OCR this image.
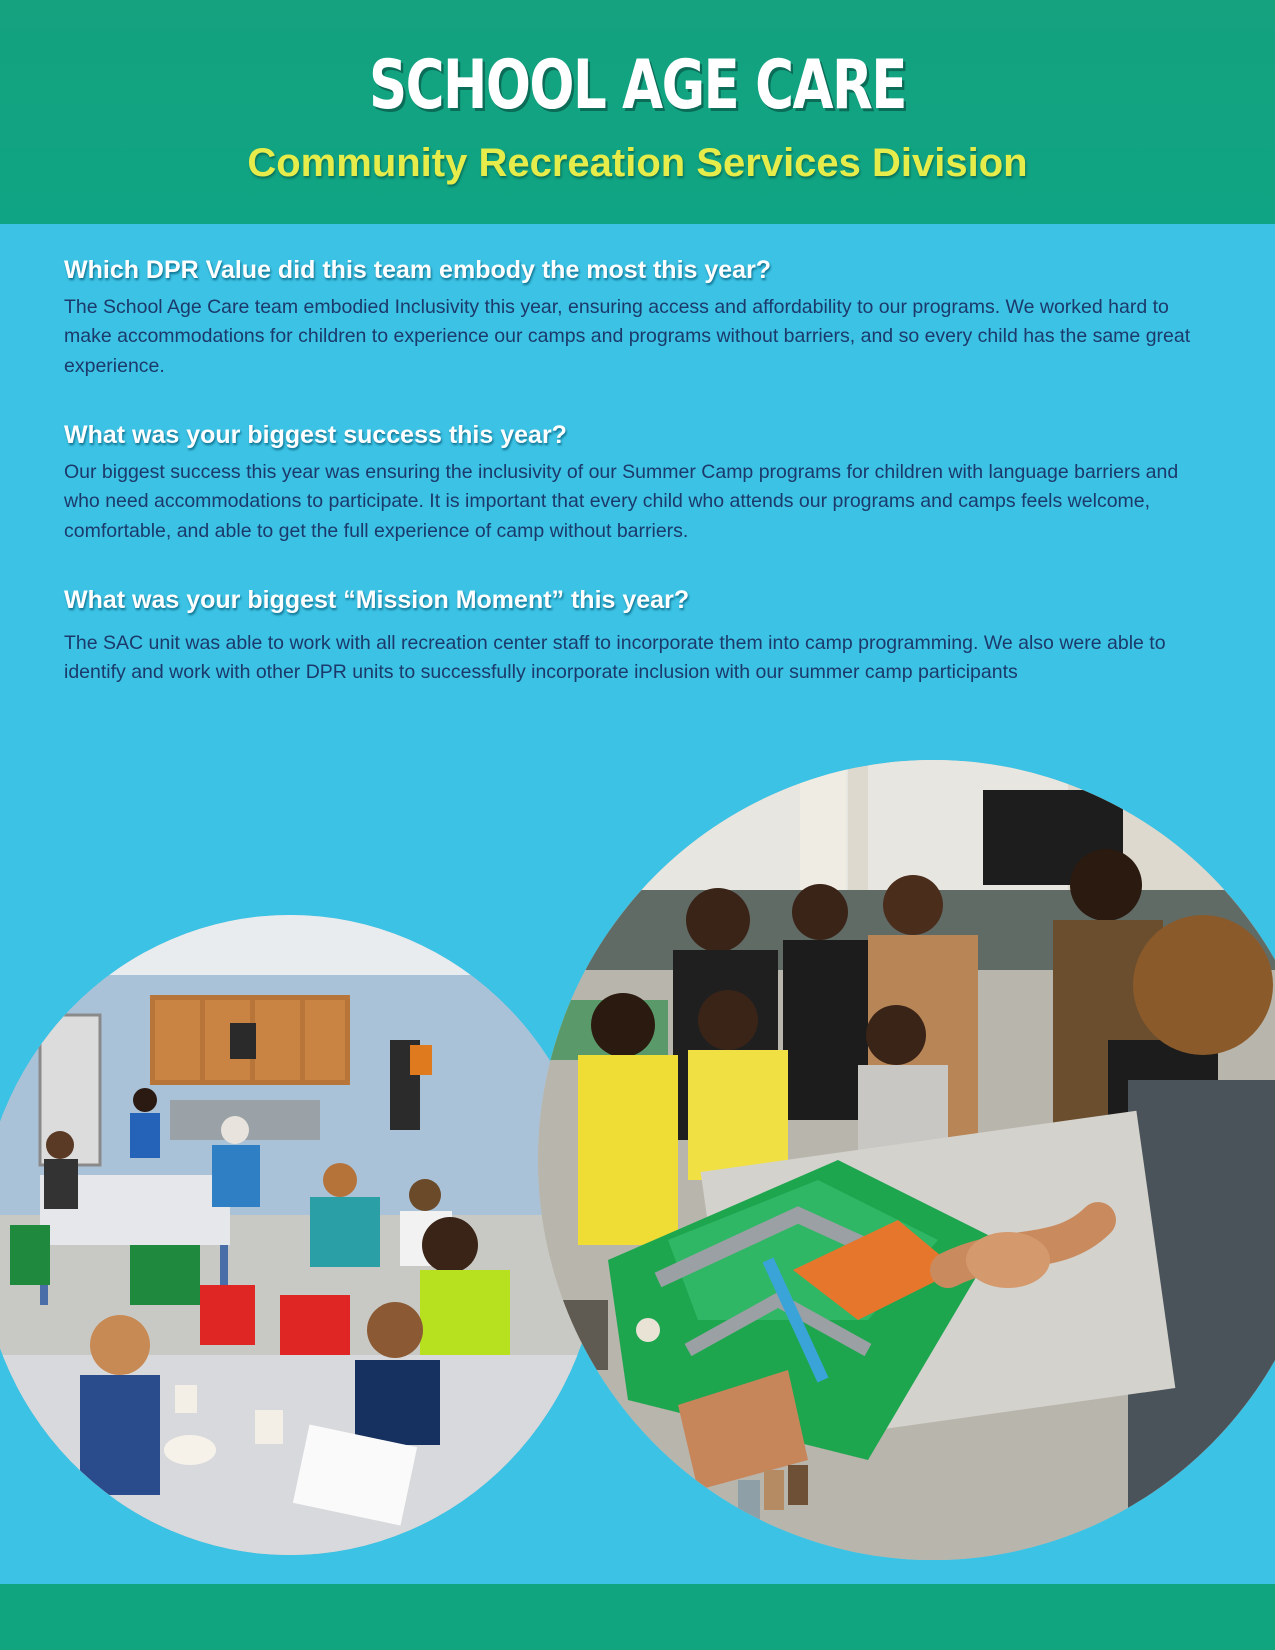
SCHOOL AGE CARE
Community Recreation Services Division
Which DPR Value did this team embody the most this year?

The School Age Care team embodied Inclusivity this year, ensuring access and affordability to our programs. We worked hard to make accommodations for children to experience our camps and programs without barriers, and so every child has the same great experience.

What was your biggest success this year?

Our biggest success this year was ensuring the inclusivity of our Summer Camp programs for children with language barriers and who need accommodations to participate. It is important that every child who attends our programs and camps feels welcome, comfortable, and able to get the full experience of camp without barriers.

What was your biggest “Mission Moment” this year?

The SAC unit was able to work with all recreation center staff to incorporate them into camp programming. We also were able to identify and work with other DPR units to successfully incorporate inclusion with our summer camp participants
